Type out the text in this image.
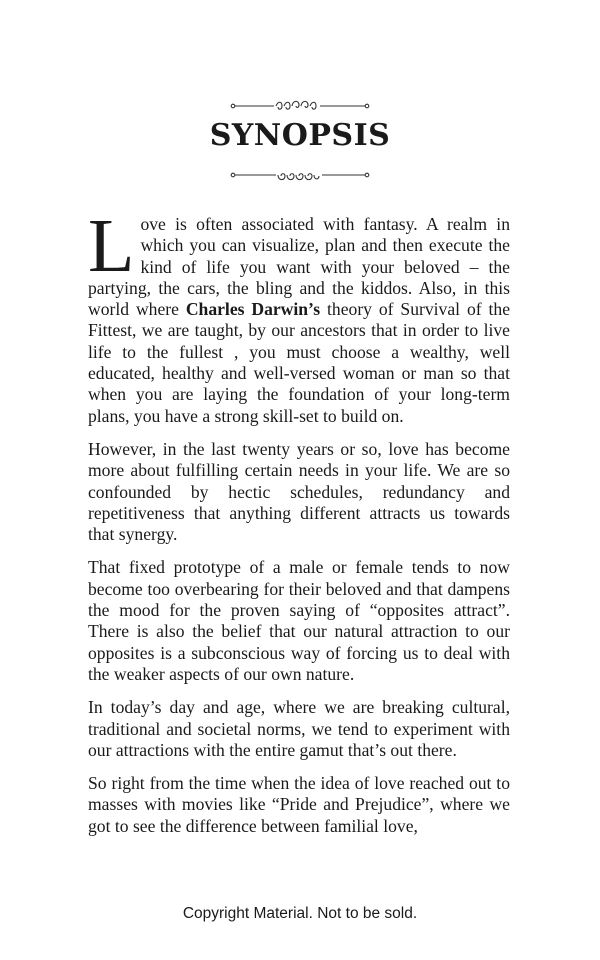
SYNOPSIS

Love is often associated with fantasy. A realm in which you can visualize, plan and then execute the kind of life you want with your beloved – the partying, the cars, the bling and the kiddos. Also, in this world where Charles Darwin’s theory of Survival of the Fittest, we are taught, by our ancestors that in order to live life to the fullest , you must choose a wealthy, well educated, healthy and well-versed woman or man so that when you are laying the foundation of your long-term plans, you have a strong skill-set to build on.

However, in the last twenty years or so, love has become more about fulfilling certain needs in your life. We are so confounded by hectic schedules, redundancy and repetitiveness that anything different attracts us towards that synergy.

That fixed prototype of a male or female tends to now become too overbearing for their beloved and that dampens the mood for the proven saying of “opposites attract”. There is also the belief that our natural attraction to our opposites is a subconscious way of forcing us to deal with the weaker aspects of our own nature.

In today’s day and age, where we are breaking cultural, traditional and societal norms, we tend to experiment with our attractions with the entire gamut that’s out there.

So right from the time when the idea of love reached out to masses with movies like “Pride and Prejudice”, where we got to see the difference between familial love,

Copyright Material. Not to be sold.
